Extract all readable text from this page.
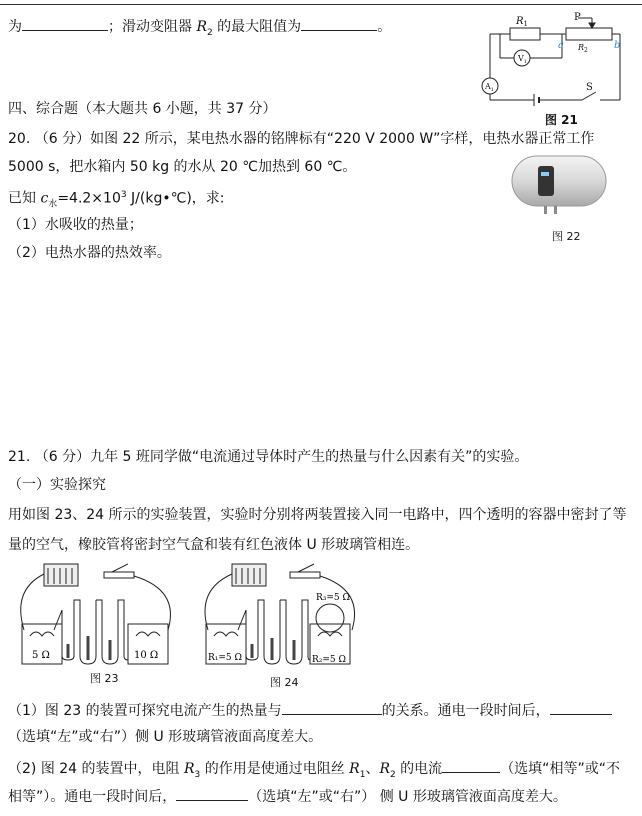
为	；滑动变阻器 $R_2$ 的最大阻值为	。	$R_1$
P
$R_2$
a	b
$V_1$
$A_1$	S
图 21
四、综合题（本大题共 6 小题，共 37 分）
20. （6 分）如图 22 所示，某电热水器的铭牌标有“220 V 2000 W”字样，电热水器正常工作
5000 s，把水箱内 50 kg 的水从 20 ℃加热到 60 ℃。
已知 $c_水=4.2\times 10^3$ J/(kg•℃)，求:
（1）水吸收的热量；
（2）电热水器的热效率。
图 22
21. （6 分）九年 5 班同学做“电流通过导体时产生的热量与什么因素有关”的实验。
（一）实验探究
用如图 23、24 所示的实验装置，实验时分别将两装置接入同一电路中，四个透明的容器中密封了等
量的空气，橡胶管将密封空气盒和装有红色液体 U 形玻璃管相连。
5 Ω	10 Ω
图 23
R₁=5 Ω	R₂=5 Ω
R₃=5 Ω
图 24
（1）图 23 的装置可探究电流产生的热量与	的关系。通电一段时间后，
（选填“左”或“右”）侧 U 形玻璃管液面高度差大。
（2) 图 24 的装置中，电阻 $R_3$ 的作用是使通过电阻丝 $R_1$、$R_2$ 的电流	（选填“相等”或“不
相等”）。通电一段时间后，	（选填“左”或“右”） 侧 U 形玻璃管液面高度差大。
